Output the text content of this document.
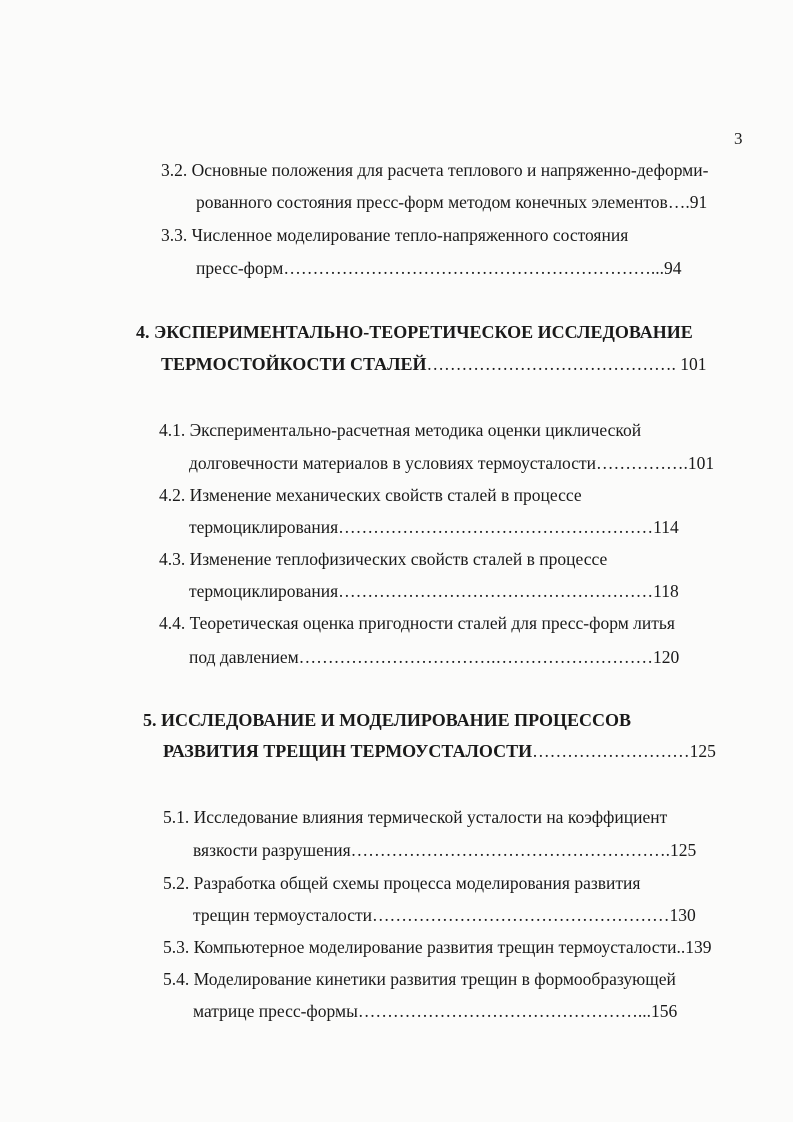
3
3.2. Основные положения для расчета теплового и напряженно-деформи-
рованного состояния пресс-форм методом конечных элементов….91
3.3. Численное моделирование тепло-напряженного состояния
пресс-форм………………………………………………………...94
4. ЭКСПЕРИМЕНТАЛЬНО-ТЕОРЕТИЧЕСКОЕ ИССЛЕДОВАНИЕ
ТЕРМОСТОЙКОСТИ СТАЛЕЙ……………………………………. 101
4.1. Экспериментально-расчетная методика оценки циклической
долговечности материалов в условиях термоусталости…………….101
4.2. Изменение механических свойств сталей в процессе
термоциклирования………………………………………………114
4.3. Изменение теплофизических свойств сталей в процессе
термоциклирования………………………………………………118
4.4. Теоретическая оценка пригодности сталей для пресс-форм литья
под давлением…………………………….………………………120
5. ИССЛЕДОВАНИЕ И МОДЕЛИРОВАНИЕ ПРОЦЕССОВ
РАЗВИТИЯ ТРЕЩИН ТЕРМОУСТАЛОСТИ………………………125
5.1. Исследование влияния термической усталости на коэффициент
вязкости разрушения……………………………………………….125
5.2. Разработка общей схемы процесса моделирования развития
трещин термоусталости……………………………………………130
5.3. Компьютерное моделирование развития трещин термоусталости..139
5.4. Моделирование кинетики развития трещин в формообразующей
матрице пресс-формы…………………………………………...156
